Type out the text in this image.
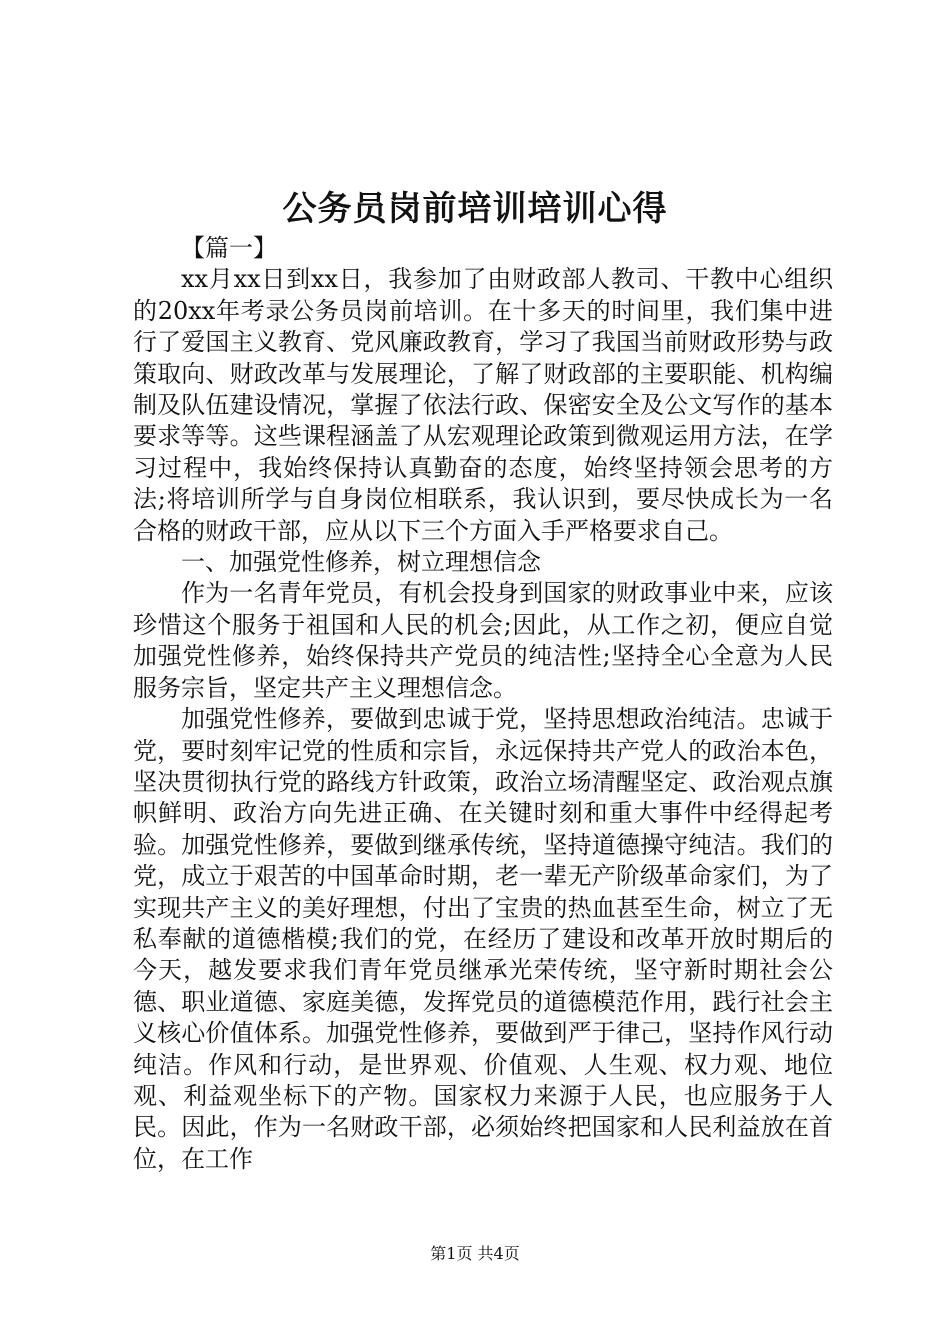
公务员岗前培训培训心得

【篇一】

xx月xx日到xx日，我参加了由财政部人教司、干教中心组织的20xx年考录公务员岗前培训。在十多天的时间里，我们集中进行了爱国主义教育、党风廉政教育，学习了我国当前财政形势与政策取向、财政改革与发展理论，了解了财政部的主要职能、机构编制及队伍建设情况，掌握了依法行政、保密安全及公文写作的基本要求等等。这些课程涵盖了从宏观理论政策到微观运用方法，在学习过程中，我始终保持认真勤奋的态度，始终坚持领会思考的方法;将培训所学与自身岗位相联系，我认识到，要尽快成长为一名合格的财政干部，应从以下三个方面入手严格要求自己。

一、加强党性修养，树立理想信念

作为一名青年党员，有机会投身到国家的财政事业中来，应该珍惜这个服务于祖国和人民的机会;因此，从工作之初，便应自觉加强党性修养，始终保持共产党员的纯洁性;坚持全心全意为人民服务宗旨，坚定共产主义理想信念。

加强党性修养，要做到忠诚于党，坚持思想政治纯洁。忠诚于党，要时刻牢记党的性质和宗旨，永远保持共产党人的政治本色，坚决贯彻执行党的路线方针政策，政治立场清醒坚定、政治观点旗帜鲜明、政治方向先进正确、在关键时刻和重大事件中经得起考验。加强党性修养，要做到继承传统，坚持道德操守纯洁。我们的党，成立于艰苦的中国革命时期，老一辈无产阶级革命家们，为了实现共产主义的美好理想，付出了宝贵的热血甚至生命，树立了无私奉献的道德楷模;我们的党，在经历了建设和改革开放时期后的今天，越发要求我们青年党员继承光荣传统，坚守新时期社会公德、职业道德、家庭美德，发挥党员的道德模范作用，践行社会主义核心价值体系。加强党性修养，要做到严于律己，坚持作风行动纯洁。作风和行动，是世界观、价值观、人生观、权力观、地位观、利益观坐标下的产物。国家权力来源于人民，也应服务于人民。因此，作为一名财政干部，必须始终把国家和人民利益放在首位，在工作

第1页 共4页
